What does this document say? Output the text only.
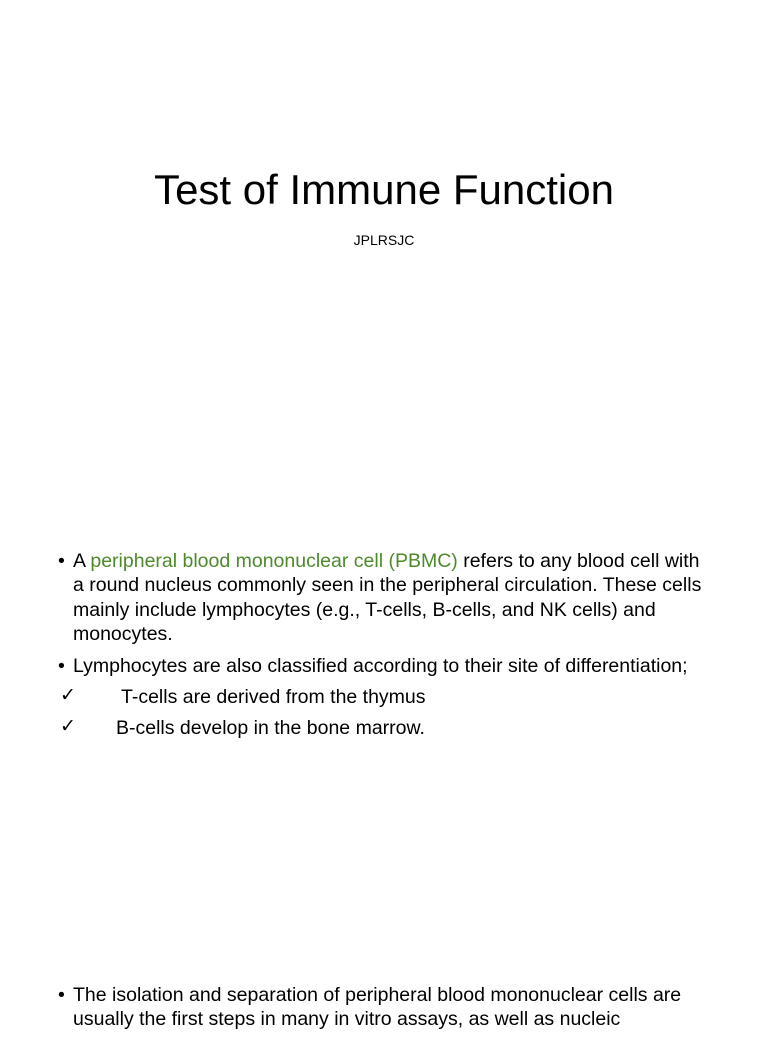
Test of Immune Function
JPLRSJC
• A peripheral blood mononuclear cell (PBMC) refers to any blood cell with a round nucleus commonly seen in the peripheral circulation. These cells mainly include lymphocytes (e.g., T-cells, B-cells, and NK cells) and monocytes.
• Lymphocytes are also classified according to their site of differentiation;
✓ T-cells are derived from the thymus
✓ B-cells develop in the bone marrow.
• The isolation and separation of peripheral blood mononuclear cells are usually the first steps in many in vitro assays, as well as nucleic
